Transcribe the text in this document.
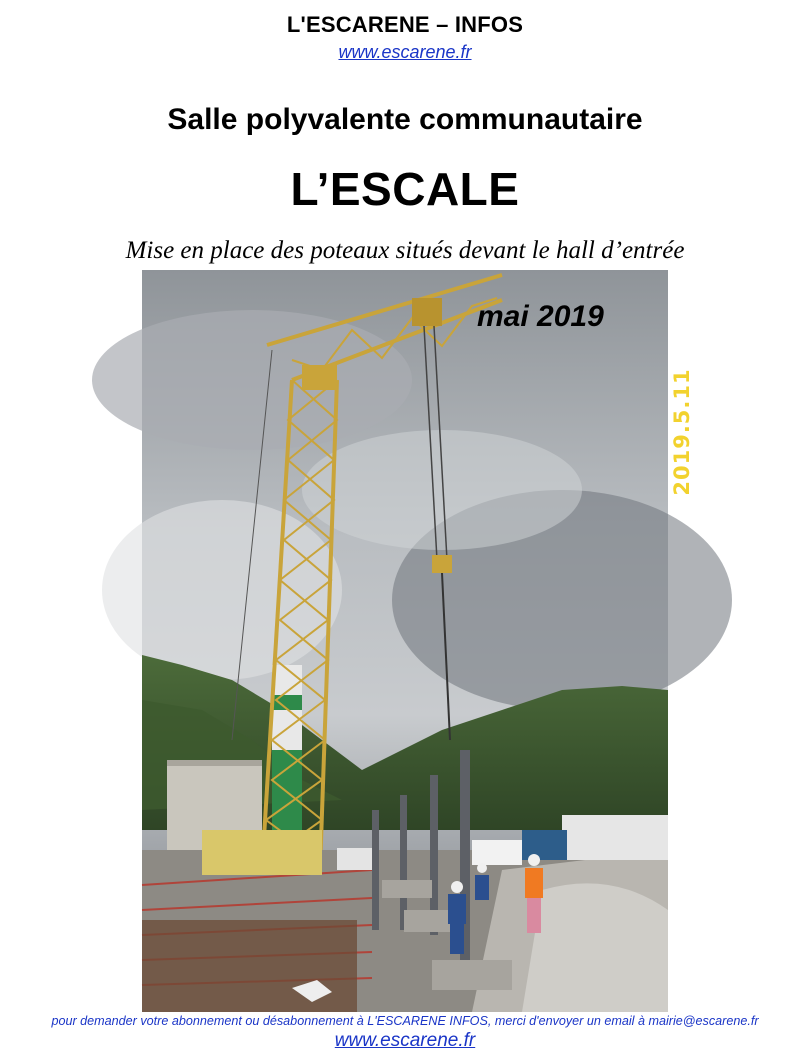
L'ESCARENE – INFOS
www.escarene.fr
Salle polyvalente communautaire
L’ESCALE
Mise en place des poteaux situés devant le hall d’entrée
mai 2019
2019.5.11
pour demander votre abonnement ou désabonnement à L'ESCARENE INFOS, merci d'envoyer un email à mairie@escarene.fr
www.escarene.fr
